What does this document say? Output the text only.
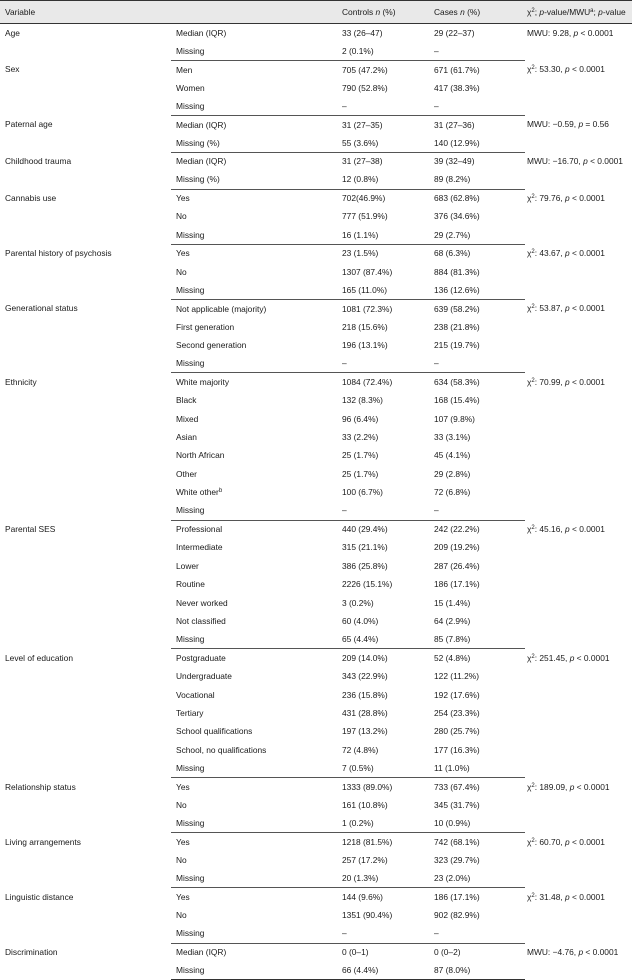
Variable		Controls n (%)	Cases n (%)	$\chi^2$; p-value/MWU$^a$; p-value
Age	Median (IQR)	33 (26–47)	29 (22–37)	MWU: 9.28, p < 0.0001
	Missing	2 (0.1%)	–	
Sex	Men	705 (47.2%)	671 (61.7%)	$\chi^2$: 53.30, p < 0.0001
	Women	790 (52.8%)	417 (38.3%)	
	Missing	–	–	
Paternal age	Median (IQR)	31 (27–35)	31 (27–36)	MWU: −0.59, p = 0.56
	Missing (%)	55 (3.6%)	140 (12.9%)	
Childhood trauma	Median (IQR)	31 (27–38)	39 (32–49)	MWU: −16.70, p < 0.0001
	Missing (%)	12 (0.8%)	89 (8.2%)	
Cannabis use	Yes	702(46.9%)	683 (62.8%)	$\chi^2$: 79.76, p < 0.0001
	No	777 (51.9%)	376 (34.6%)	
	Missing	16 (1.1%)	29 (2.7%)	
Parental history of psychosis	Yes	23 (1.5%)	68 (6.3%)	$\chi^2$: 43.67, p < 0.0001
	No	1307 (87.4%)	884 (81.3%)	
	Missing	165 (11.0%)	136 (12.6%)	
Generational status	Not applicable (majority)	1081 (72.3%)	639 (58.2%)	$\chi^2$: 53.87, p < 0.0001
	First generation	218 (15.6%)	238 (21.8%)	
	Second generation	196 (13.1%)	215 (19.7%)	
	Missing	–	–	
Ethnicity	White majority	1084 (72.4%)	634 (58.3%)	$\chi^2$: 70.99, p < 0.0001
	Black	132 (8.3%)	168 (15.4%)	
	Mixed	96 (6.4%)	107 (9.8%)	
	Asian	33 (2.2%)	33 (3.1%)	
	North African	25 (1.7%)	45 (4.1%)	
	Other	25 (1.7%)	29 (2.8%)	
	White other$^b$	100 (6.7%)	72 (6.8%)	
	Missing	–	–	
Parental SES	Professional	440 (29.4%)	242 (22.2%)	$\chi^2$: 45.16, p < 0.0001
	Intermediate	315 (21.1%)	209 (19.2%)	
	Lower	386 (25.8%)	287 (26.4%)	
	Routine	2226 (15.1%)	186 (17.1%)	
	Never worked	3 (0.2%)	15 (1.4%)	
	Not classified	60 (4.0%)	64 (2.9%)	
	Missing	65 (4.4%)	85 (7.8%)	
Level of education	Postgraduate	209 (14.0%)	52 (4.8%)	$\chi^2$: 251.45, p < 0.0001
	Undergraduate	343 (22.9%)	122 (11.2%)	
	Vocational	236 (15.8%)	192 (17.6%)	
	Tertiary	431 (28.8%)	254 (23.3%)	
	School qualifications	197 (13.2%)	280 (25.7%)	
	School, no qualifications	72 (4.8%)	177 (16.3%)	
	Missing	7 (0.5%)	11 (1.0%)	
Relationship status	Yes	1333 (89.0%)	733 (67.4%)	$\chi^2$: 189.09, p < 0.0001
	No	161 (10.8%)	345 (31.7%)	
	Missing	1 (0.2%)	10 (0.9%)	
Living arrangements	Yes	1218 (81.5%)	742 (68.1%)	$\chi^2$: 60.70, p < 0.0001
	No	257 (17.2%)	323 (29.7%)	
	Missing	20 (1.3%)	23 (2.0%)	
Linguistic distance	Yes	144 (9.6%)	186 (17.1%)	$\chi^2$: 31.48, p < 0.0001
	No	1351 (90.4%)	902 (82.9%)	
	Missing	–	–	
Discrimination	Median (IQR)	0 (0–1)	0 (0–2)	MWU: −4.76, p < 0.0001
	Missing	66 (4.4%)	87 (8.0%)	
